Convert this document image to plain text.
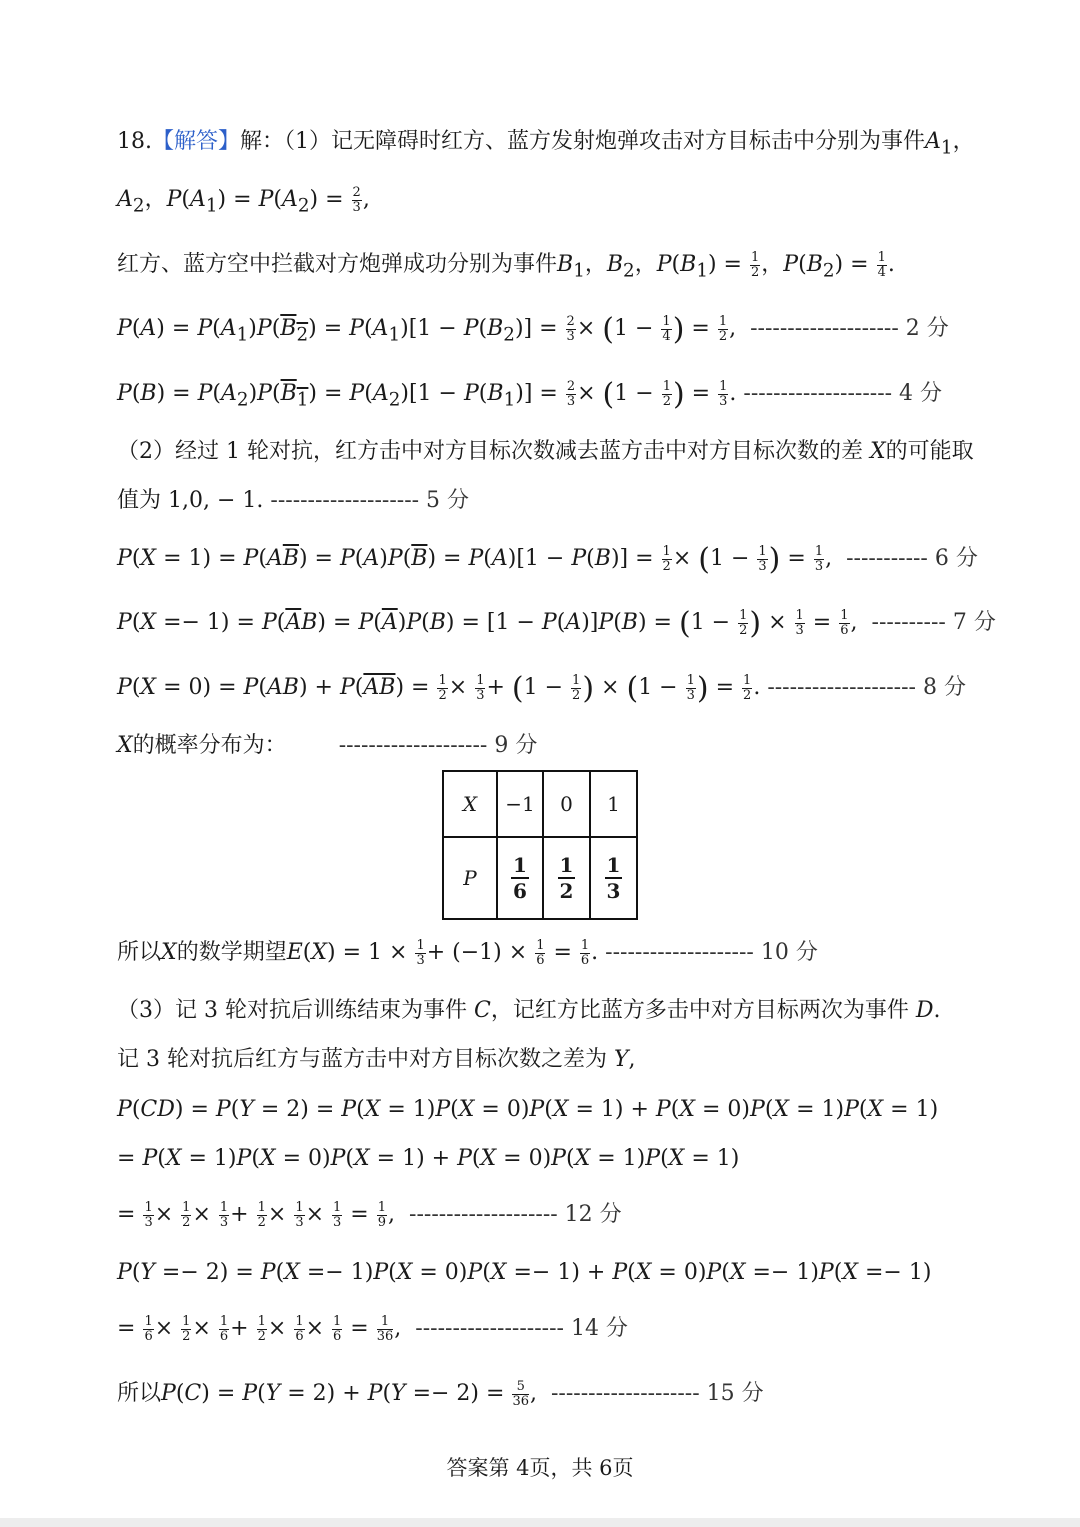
18.【解答】解：（1）记无障碍时红方、蓝方发射炮弹攻击对方目标击中分别为事件$A_1$，
$A_2$，$P(A_1) = P(A_2) = \frac{2}{3}$ ,
红方、蓝方空中拦截对方炮弹成功分别为事件$B_1$，$B_2$，$P(B_1) = \frac{1}{2}$ ，$P(B_2) = \frac{1}{4}$ .
$P(A) = P(A_1)P(B_2) = P(A_1)[1 - P(B_2)] = \frac{2}{3} \times (1 - \frac{1}{4}$ ) = $\frac{1}{2}$ , -------------------- 2 分
$P(B) = P(A_2)P(B_1) = P(A_2)[1 - P(B_1)] = \frac{2}{3} \times (1 - \frac{1}{2}$ ) = $\frac{1}{3}$ . -------------------- 4 分
（2）经过 1 轮对抗，红方击中对方目标次数减去蓝方击中对方目标次数的差 X的可能取
值为 1,0, − 1. -------------------- 5 分
$P(X = 1) = P(A\overline{B}) = P(A)P(\overline{B}) = P(A)[1 - P(B)] = \frac{1}{2} \times (1 - \frac{1}{3}$ ) = $\frac{1}{3}$ , ----------- 6 分
$P(X =- 1) = P(\overline{A}B) = P(\overline{A})P(B) = [1 - P(A)]P(B) = (1 - \frac{1}{2}$ ) × $\frac{1}{3} = \frac{1}{6}$ , ---------- 7 分
$P(X = 0) = P(AB) + P(\overline{AB}) = \frac{1}{2} \times \frac{1}{3} + (1 - \frac{1}{2}$ ) × ($1 - \frac{1}{3}$ ) = $\frac{1}{2}$ . -------------------- 8 分
X的概率分布为： -------------------- 9 分
X	−1	0	1
P	$\frac{1}{6}$	$\frac{1}{2}$	$\frac{1}{3}$
所以X的数学期望$E(X) = 1 \times \frac{1}{3} + (-1) \times \frac{1}{6} = \frac{1}{6}$ . -------------------- 10 分
（3）记 3 轮对抗后训练结束为事件 C，记红方比蓝方多击中对方目标两次为事件 D.
记 3 轮对抗后红方与蓝方击中对方目标次数之差为 Y,
P(CD) = P(Y = 2) = P(X = 1)P(X = 0)P(X = 1) + P(X = 0)P(X = 1)P(X = 1)
= P(X = 1)P(X = 0)P(X = 1) + P(X = 0)P(X = 1)P(X = 1)
= $\frac{1}{3} \times \frac{1}{2} \times \frac{1}{3} + \frac{1}{2} \times \frac{1}{3} \times \frac{1}{3} = \frac{1}{9}$ , -------------------- 12 分
P(Y =− 2) = P(X =− 1)P(X = 0)P(X =− 1) + P(X = 0)P(X =− 1)P(X =− 1)
= $\frac{1}{6} \times \frac{1}{2} \times \frac{1}{6} + \frac{1}{2} \times \frac{1}{6} \times \frac{1}{6} = \frac{1}{36}$ , -------------------- 14 分
所以$P(C) = P(Y = 2) + P(Y =- 2) = \frac{5}{36}$ , -------------------- 15 分
答案第 4页，共 6页
